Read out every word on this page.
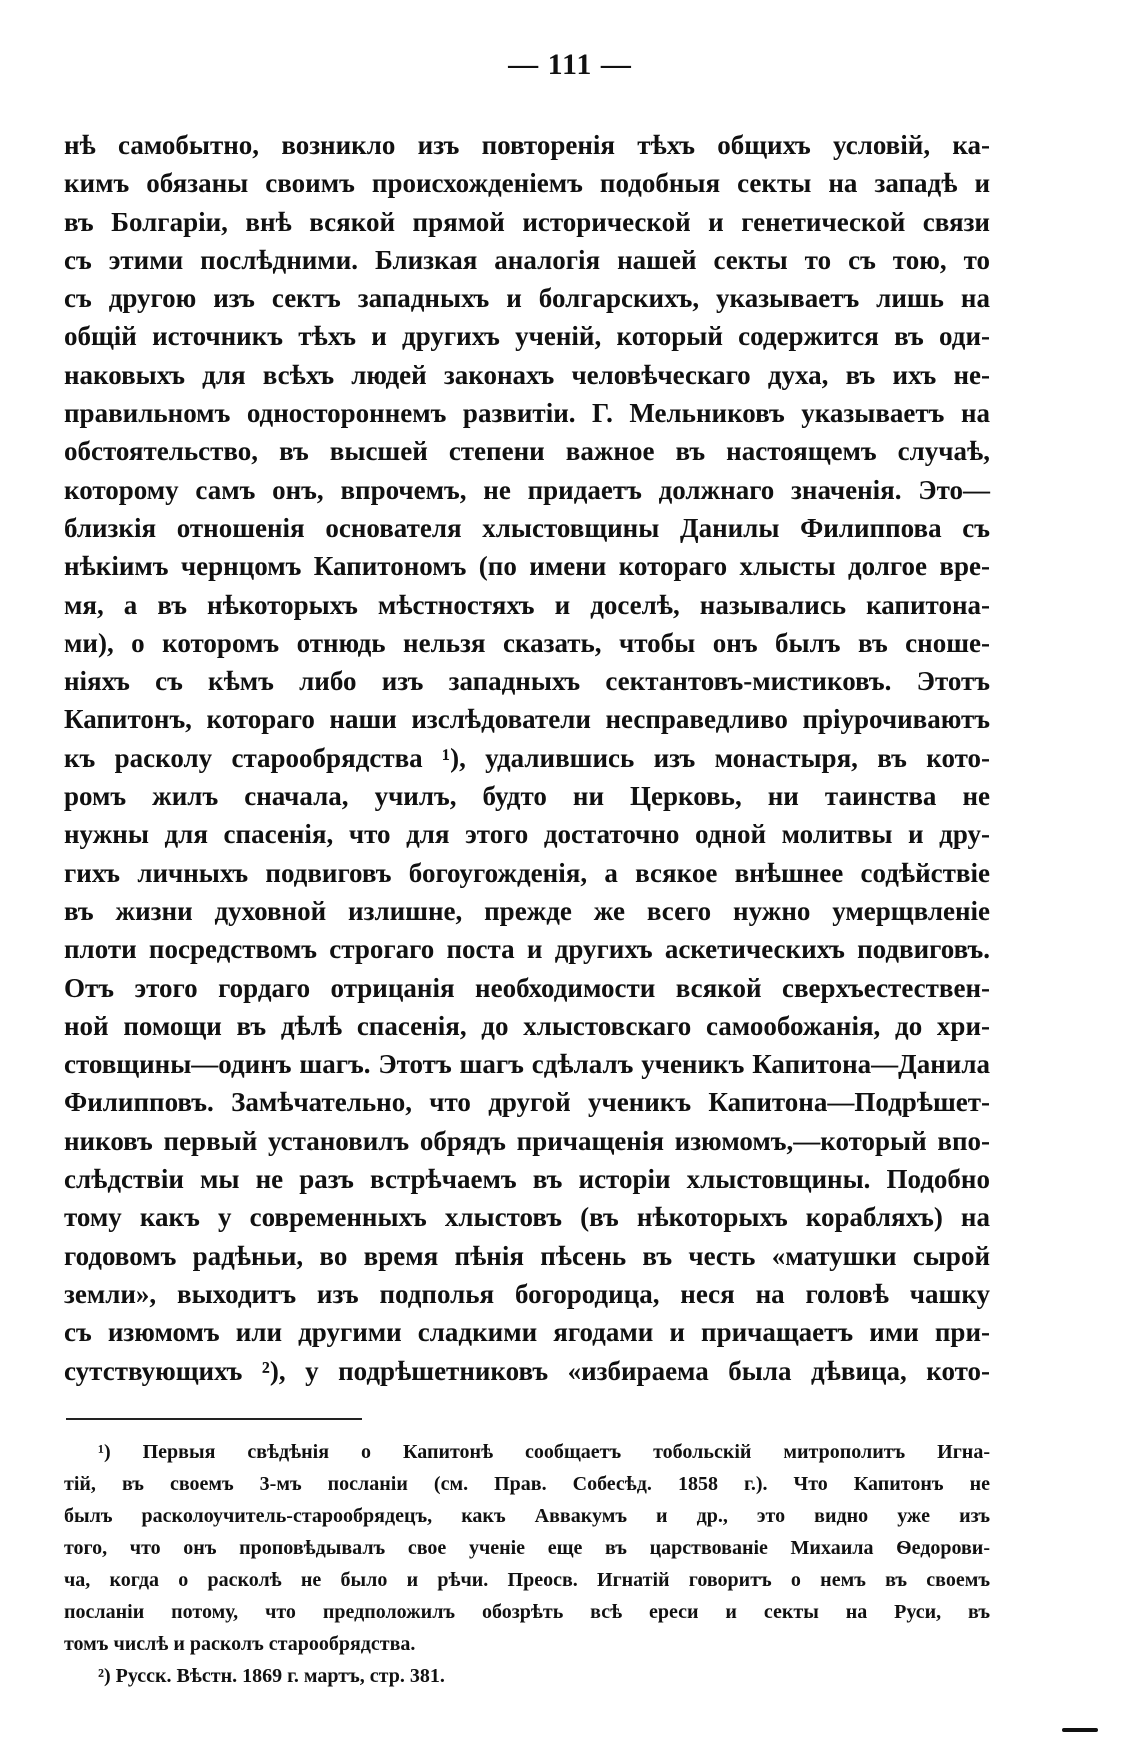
— 111 —
нѣ самобытно, возникло изъ повторенія тѣхъ общихъ условій, ка-
кимъ обязаны своимъ происхожденіемъ подобныя секты на западѣ и
въ Болгаріи, внѣ всякой прямой исторической и генетической связи
съ этими послѣдними. Близкая аналогія нашей секты то съ тою, то
съ другою изъ сектъ западныхъ и болгарскихъ, указываетъ лишь на
общій источникъ тѣхъ и другихъ ученій, который содержится въ оди-
наковыхъ для всѣхъ людей законахъ человѣческаго духа, въ ихъ не-
правильномъ одностороннемъ развитіи. Г. Мельниковъ указываетъ на
обстоятельство, въ высшей степени важное въ настоящемъ случаѣ,
которому самъ онъ, впрочемъ, не придаетъ должнаго значенія. Это—
близкія отношенія основателя хлыстовщины Данилы Филиппова съ
нѣкіимъ чернцомъ Капитономъ (по имени котораго хлысты долгое вре-
мя, а въ нѣкоторыхъ мѣстностяхъ и доселѣ, назывались капитона-
ми), о которомъ отнюдь нельзя сказать, чтобы онъ былъ въ сноше-
ніяхъ съ кѣмъ либо изъ западныхъ сектантовъ-мистиковъ. Этотъ
Капитонъ, котораго наши изслѣдователи несправедливо пріурочиваютъ
къ расколу старообрядства ¹), удалившись изъ монастыря, въ кото-
ромъ жилъ сначала, училъ, будто ни Церковь, ни таинства не
нужны для спасенія, что для этого достаточно одной молитвы и дру-
гихъ личныхъ подвиговъ богоугожденія, а всякое внѣшнее содѣйствіе
въ жизни духовной излишне, прежде же всего нужно умерщвленіе
плоти посредствомъ строгаго поста и другихъ аскетическихъ подвиговъ.
Отъ этого гордаго отрицанія необходимости всякой сверхъестествен-
ной помощи въ дѣлѣ спасенія, до хлыстовскаго самообожанія, до хри-
стовщины—одинъ шагъ. Этотъ шагъ сдѣлалъ ученикъ Капитона—Данила
Филипповъ. Замѣчательно, что другой ученикъ Капитона—Подрѣшет-
никовъ первый установилъ обрядъ причащенія изюмомъ,—который впо-
слѣдствіи мы не разъ встрѣчаемъ въ исторіи хлыстовщины. Подобно
тому какъ у современныхъ хлыстовъ (въ нѣкоторыхъ корабляхъ) на
годовомъ радѣньи, во время пѣнія пѣсень въ честь «матушки сырой
земли», выходитъ изъ подполья богородица, неся на головѣ чашку
съ изюмомъ или другими сладкими ягодами и причащаетъ ими при-
сутствующихъ ²), у подрѣшетниковъ «избираема была дѣвица, кото-
¹) Первыя свѣдѣнія о Капитонѣ сообщаетъ тобольскій митрополитъ Игна-
тій, въ своемъ 3-мъ посланіи (см. Прав. Собесѣд. 1858 г.). Что Капитонъ не
былъ расколоучитель-старообрядецъ, какъ Аввакумъ и др., это видно уже изъ
того, что онъ проповѣдывалъ свое ученіе еще въ царствованіе Михаила Ѳедорови-
ча, когда о расколѣ не было и рѣчи. Преосв. Игнатій говоритъ о немъ въ своемъ
посланіи потому, что предположилъ обозрѣть всѣ ереси и секты на Руси, въ
томъ числѣ и расколъ старообрядства.
²) Русск. Вѣстн. 1869 г. мартъ, стр. 381.
